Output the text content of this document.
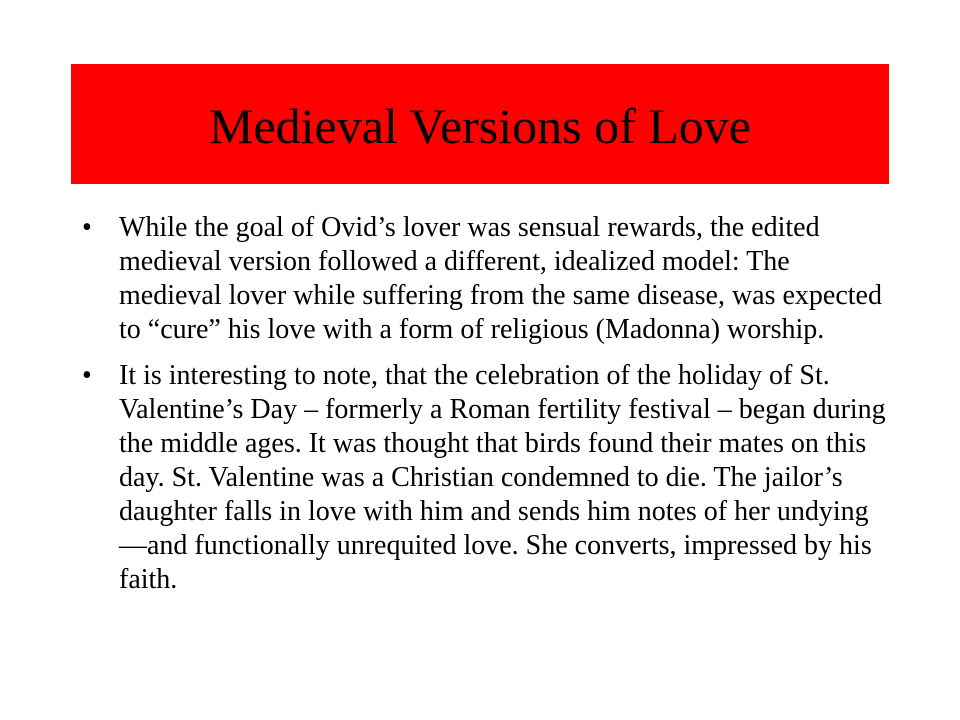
Medieval Versions of Love
• While the goal of Ovid’s lover was sensual rewards, the edited medieval version followed a different, idealized model: The medieval lover while suffering from the same disease, was expected to “cure” his love with a form of religious (Madonna) worship.
• It is interesting to note, that the celebration of the holiday of St. Valentine’s Day – formerly a Roman fertility festival – began during the middle ages. It was thought that birds found their mates on this day. St. Valentine was a Christian condemned to die. The jailor’s daughter falls in love with him and sends him notes of her undying—and functionally unrequited love. She converts, impressed by his faith.
